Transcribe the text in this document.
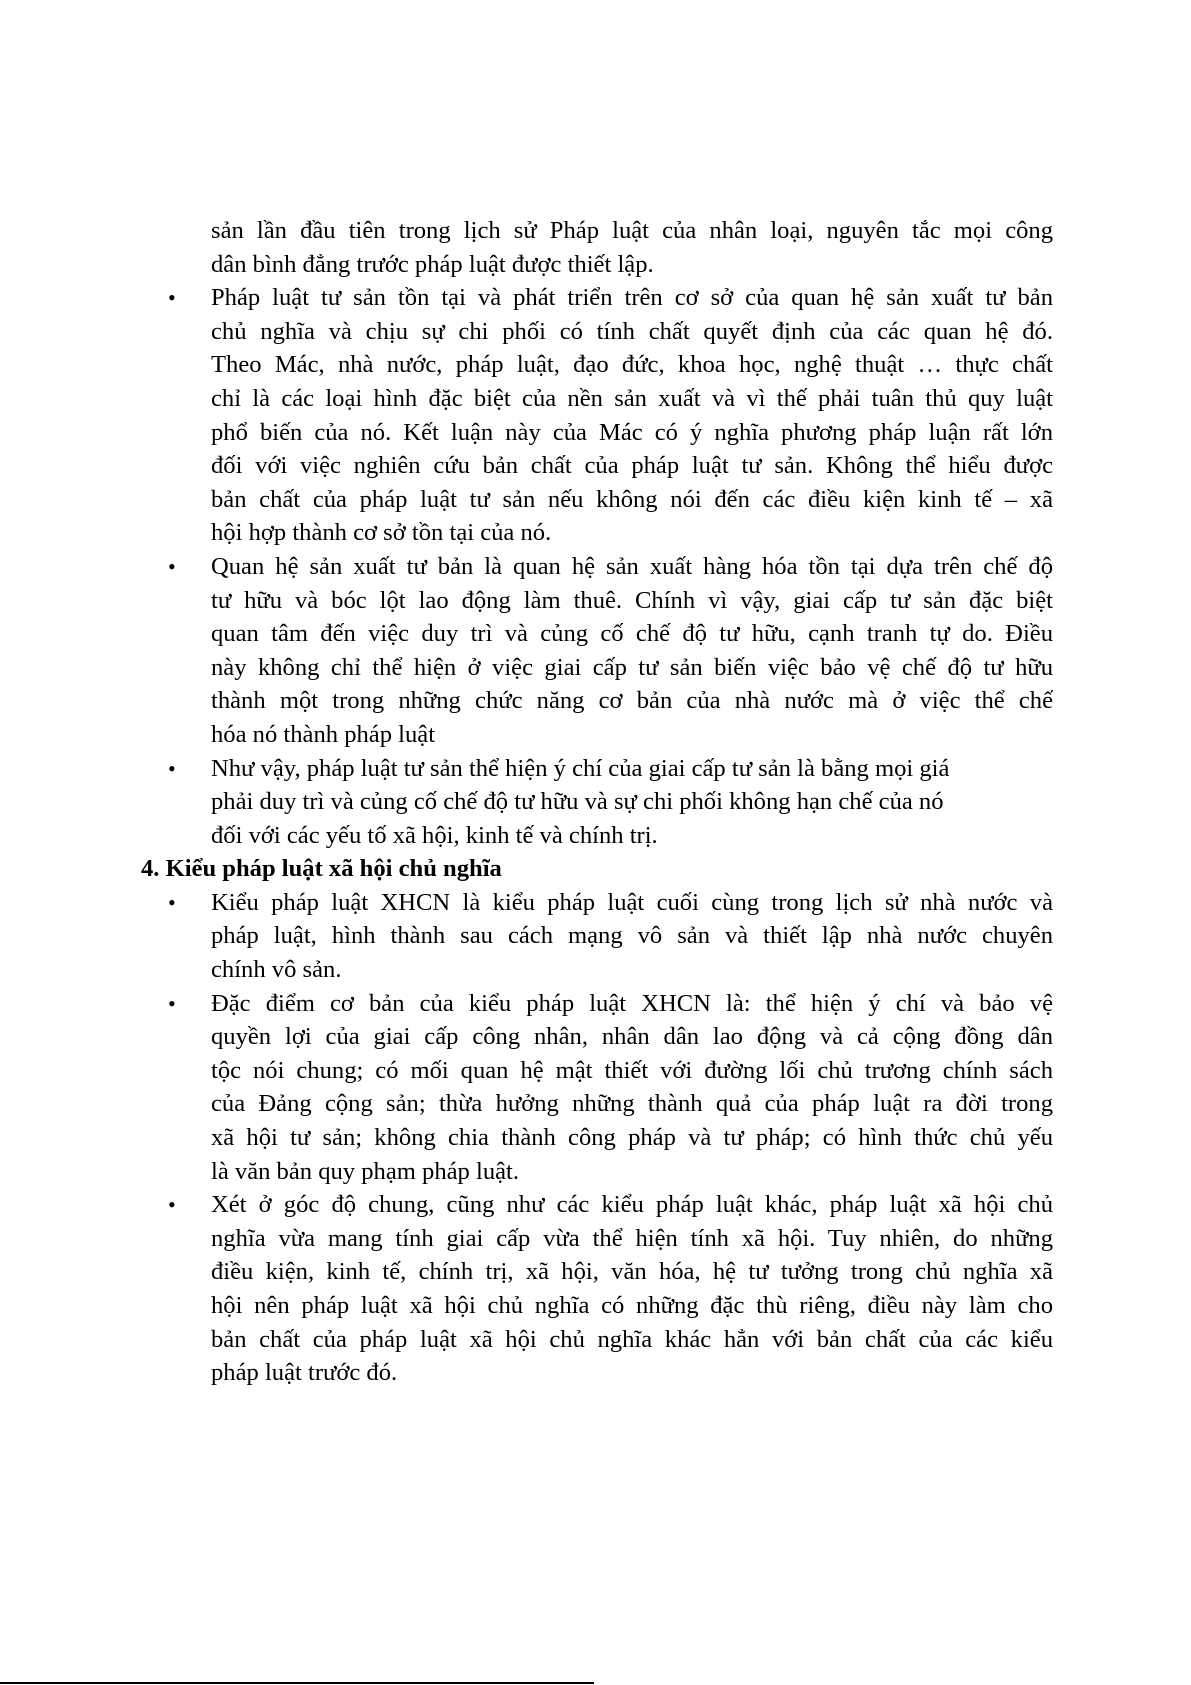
sản lần đầu tiên trong lịch sử Pháp luật của nhân loại, nguyên tắc mọi công
dân bình đẳng trước pháp luật được thiết lập.
• Pháp luật tư sản tồn tại và phát triển trên cơ sở của quan hệ sản xuất tư bản
chủ nghĩa và chịu sự chi phối có tính chất quyết định của các quan hệ đó.
Theo Mác, nhà nước, pháp luật, đạo đức, khoa học, nghệ thuật … thực chất
chỉ là các loại hình đặc biệt của nền sản xuất và vì thế phải tuân thủ quy luật
phổ biến của nó. Kết luận này của Mác có ý nghĩa phương pháp luận rất lớn
đối với việc nghiên cứu bản chất của pháp luật tư sản. Không thể hiểu được
bản chất của pháp luật tư sản nếu không nói đến các điều kiện kinh tế – xã
hội hợp thành cơ sở tồn tại của nó.
• Quan hệ sản xuất tư bản là quan hệ sản xuất hàng hóa tồn tại dựa trên chế độ
tư hữu và bóc lột lao động làm thuê. Chính vì vậy, giai cấp tư sản đặc biệt
quan tâm đến việc duy trì và củng cố chế độ tư hữu, cạnh tranh tự do. Điều
này không chỉ thể hiện ở việc giai cấp tư sản biến việc bảo vệ chế độ tư hữu
thành một trong những chức năng cơ bản của nhà nước mà ở việc thể chế
hóa nó thành pháp luật
• Như vậy, pháp luật tư sản thể hiện ý chí của giai cấp tư sản là bằng mọi giá
phải duy trì và củng cố chế độ tư hữu và sự chi phối không hạn chế của nó
đối với các yếu tố xã hội, kinh tế và chính trị.
4. Kiểu pháp luật xã hội chủ nghĩa
• Kiểu pháp luật XHCN là kiểu pháp luật cuối cùng trong lịch sử nhà nước và
pháp luật, hình thành sau cách mạng vô sản và thiết lập nhà nước chuyên
chính vô sản.
• Đặc điểm cơ bản của kiểu pháp luật XHCN là: thể hiện ý chí và bảo vệ
quyền lợi của giai cấp công nhân, nhân dân lao động và cả cộng đồng dân
tộc nói chung; có mối quan hệ mật thiết với đường lối chủ trương chính sách
của Đảng cộng sản; thừa hưởng những thành quả của pháp luật ra đời trong
xã hội tư sản; không chia thành công pháp và tư pháp; có hình thức chủ yếu
là văn bản quy phạm pháp luật.
• Xét ở góc độ chung, cũng như các kiểu pháp luật khác, pháp luật xã hội chủ
nghĩa vừa mang tính giai cấp vừa thể hiện tính xã hội. Tuy nhiên, do những
điều kiện, kinh tế, chính trị, xã hội, văn hóa, hệ tư tưởng trong chủ nghĩa xã
hội nên pháp luật xã hội chủ nghĩa có những đặc thù riêng, điều này làm cho
bản chất của pháp luật xã hội chủ nghĩa khác hẳn với bản chất của các kiểu
pháp luật trước đó.
